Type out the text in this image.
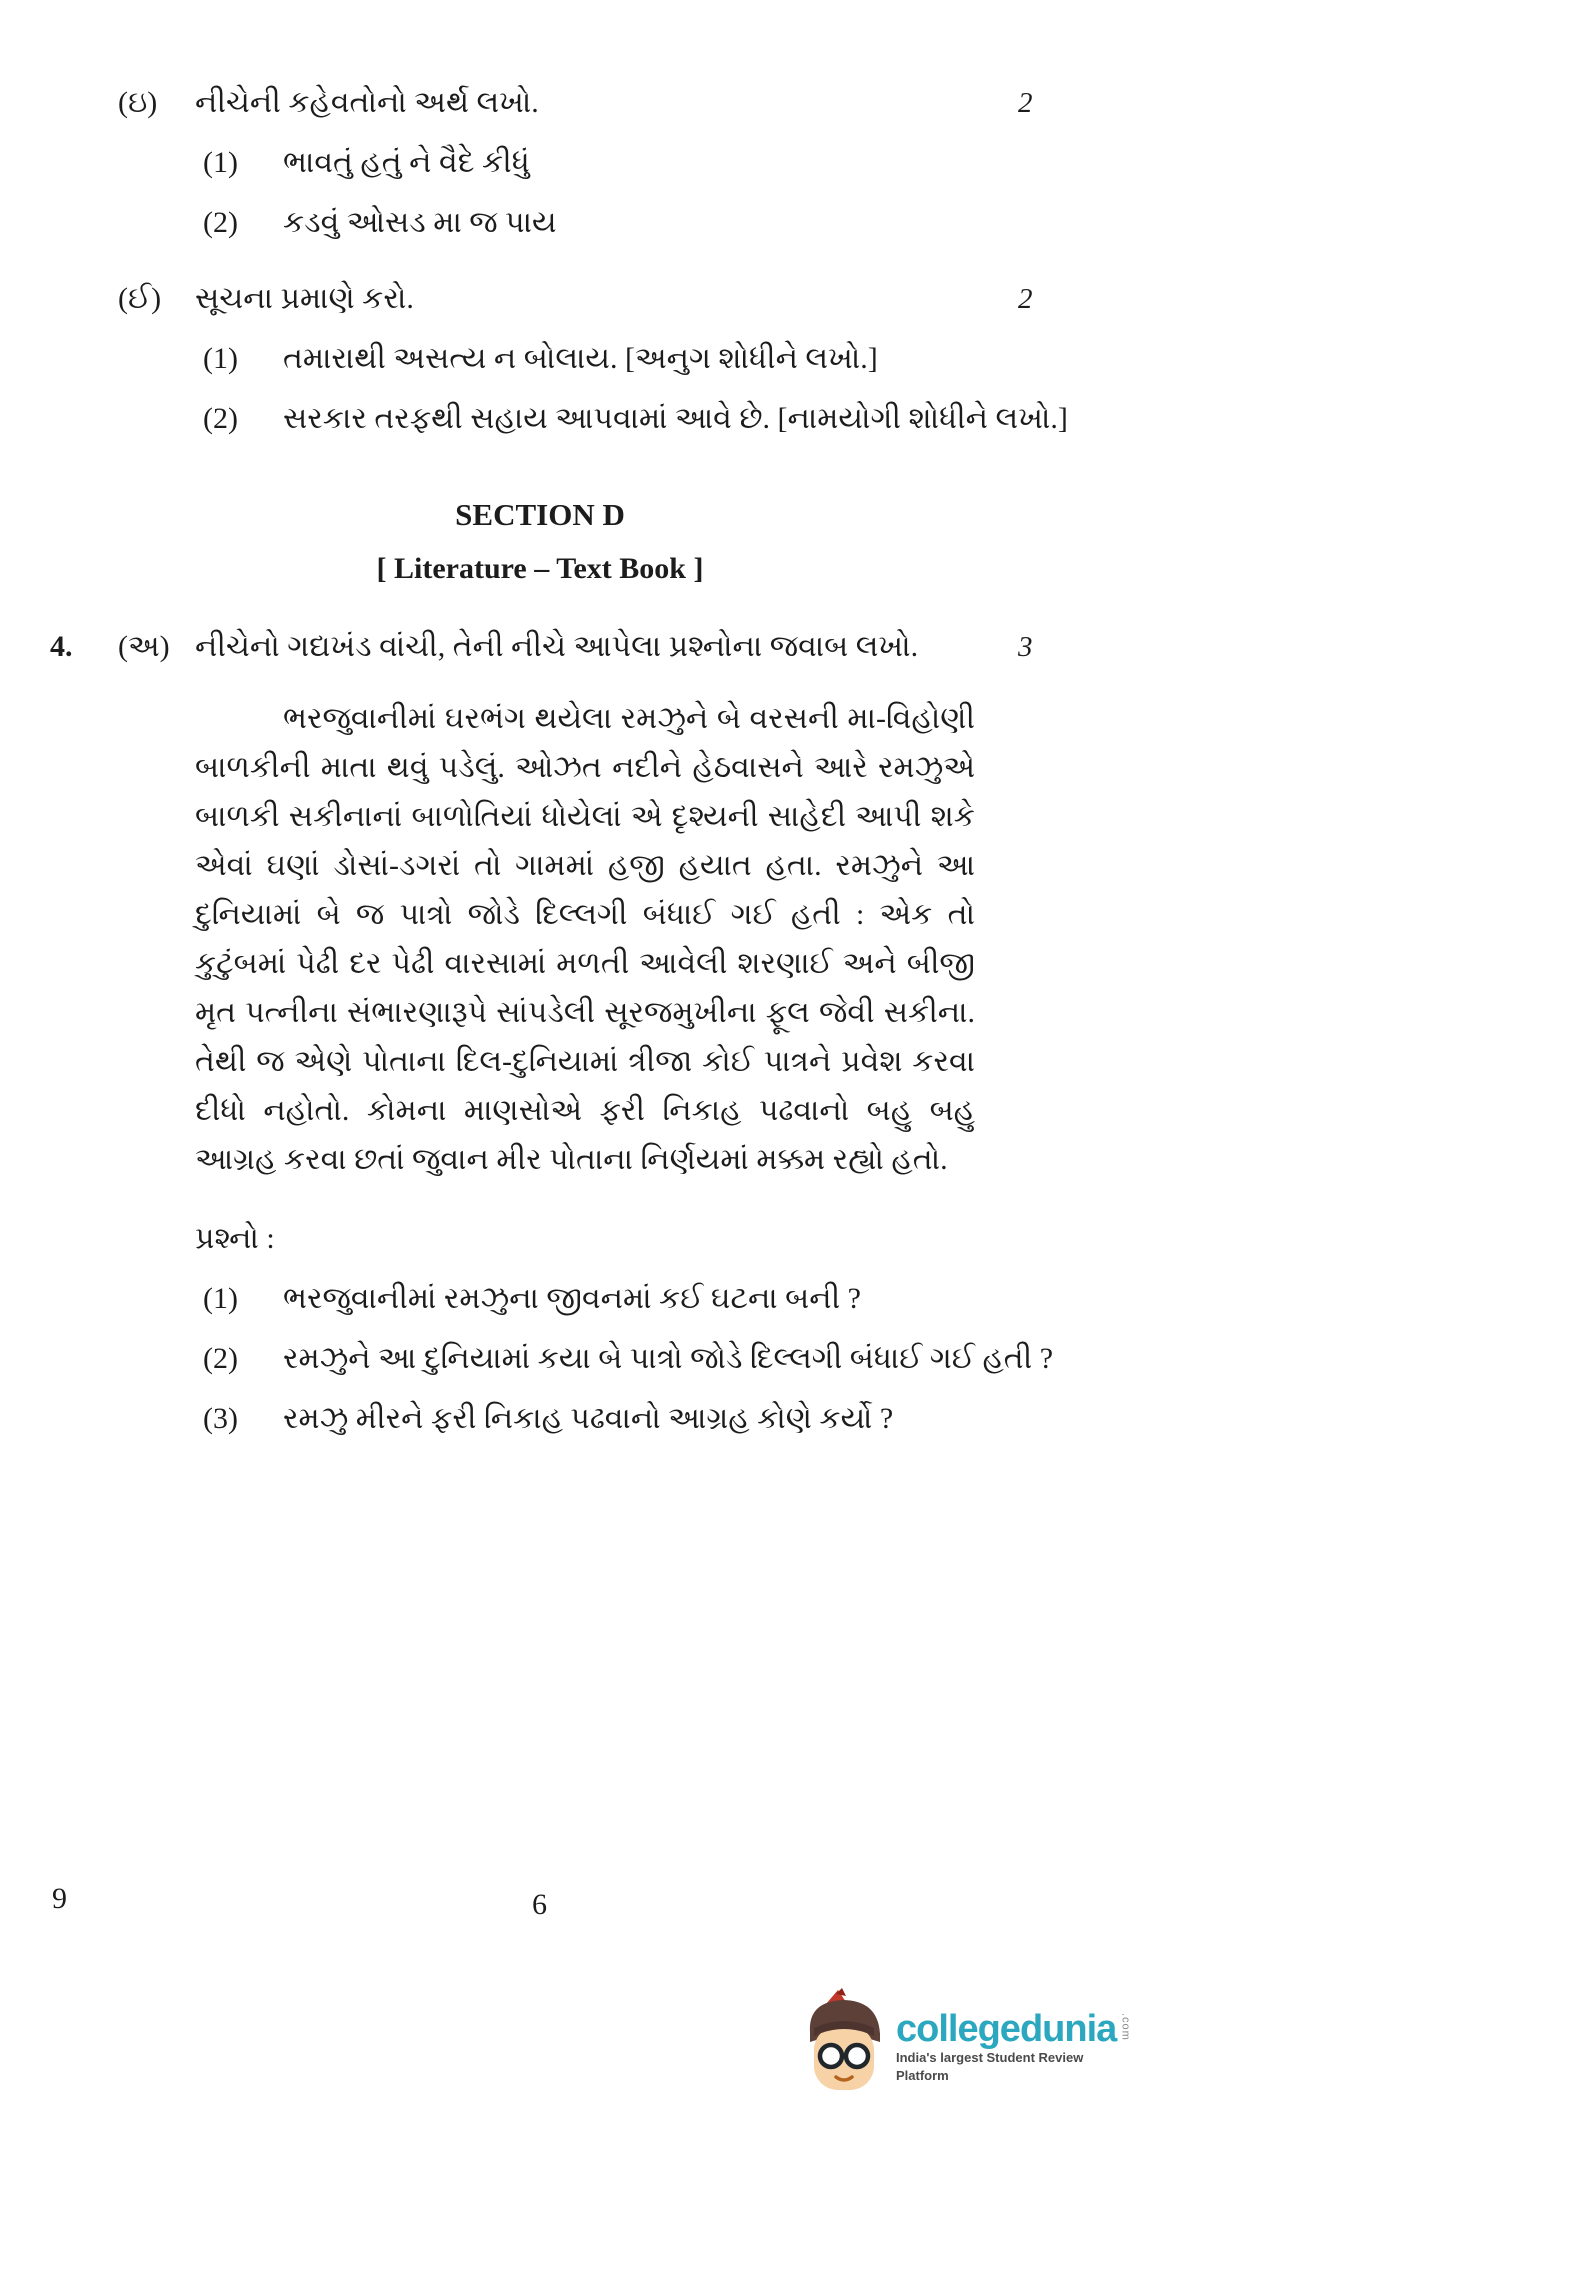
(ઇ)	નીચેની કહેવતોનો અર્થ લખો.	2
(1)	ભાવતું હતું ને વૈદે કીધું
(2)	કડવું ઓસડ મા જ પાય
(ઈ)	સૂચના પ્રમાણે કરો.	2
(1)	તમારાથી અસત્ય ન બોલાય. [અનુગ શોધીને લખો.]
(2)	સરકાર તરફથી સહાય આપવામાં આવે છે. [નામયોગી શોધીને લખો.]
SECTION D
[ Literature – Text Book ]
4.	(અ) નીચેનો ગદ્યખંડ વાંચી, તેની નીચે આપેલા પ્રશ્નોના જવાબ લખો.	3

ભરજુવાનીમાં ઘરભંગ થયેલા રમઝુને બે વરસની મા-વિહોણી બાળકીની માતા થવું પડેલું. ઓઝત નદીને હેઠવાસને આરે રમઝુએ બાળકી સકીનાનાં બાળોતિયાં ધોયેલાં એ દૃશ્યની સાહેદી આપી શકે એવાં ઘણાં ડોસાં-ડગરાં તો ગામમાં હજી હયાત હતા. રમઝુને આ દુનિયામાં બે જ પાત્રો જોડે દિલ્લગી બંધાઈ ગઈ હતી : એક તો કુટુંબમાં પેઢી દર પેઢી વારસામાં મળતી આવેલી શરણાઈ અને બીજી મૃત પત્નીના સંભારણારૂપે સાંપડેલી સૂરજમુખીના ફૂલ જેવી સકીના. તેથી જ એણે પોતાના દિલ-દુનિયામાં ત્રીજા કોઈ પાત્રને પ્રવેશ કરવા દીધો નહોતો. કોમના માણસોએ ફરી નિકાહ પઢવાનો બહુ બહુ આગ્રહ કરવા છતાં જુવાન મીર પોતાના નિર્ણયમાં મક્કમ રહ્યો હતો.

પ્રશ્નો :
(1)	ભરજુવાનીમાં રમઝુના જીવનમાં કઈ ઘટના બની ?
(2)	રમઝુને આ દુનિયામાં કયા બે પાત્રો જોડે દિલ્લગી બંધાઈ ગઈ હતી ?
(3)	રમઝુ મીરને ફરી નિકાહ પઢવાનો આગ્રહ કોણે કર્યો ?
9	6
collegedunia .com
India's largest Student Review Platform
